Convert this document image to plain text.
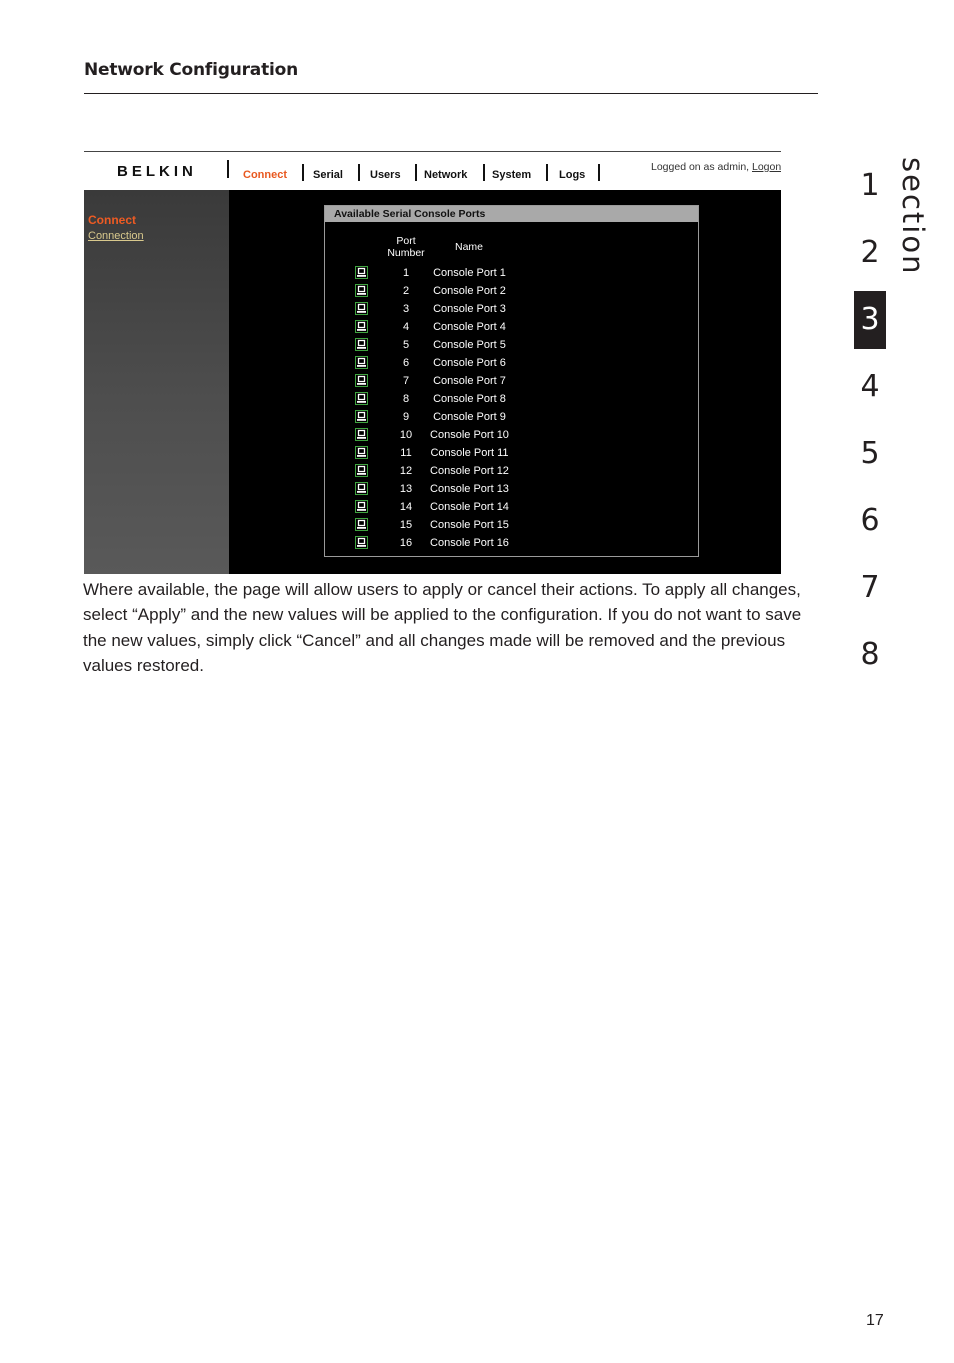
Network Configuration
BELKIN	Connect Serial Users Network System	Logs
Logged on as admin, Logon
Connect
Connection
Available Serial Console Ports
Port Number	Name
1	Console Port 1
2	Console Port 2
3	Console Port 3
4	Console Port 4
5	Console Port 5
6	Console Port 6
7	Console Port 7
8	Console Port 8
9	Console Port 9
10	Console Port 10
11	Console Port 11
12	Console Port 12
13	Console Port 13
14	Console Port 14
15	Console Port 15
16	Console Port 16
Where available, the page will allow users to apply or cancel their actions. To apply all changes, select “Apply” and the new values will be applied to the configuration. If you do not want to save the new values, simply click “Cancel” and all changes made will be removed and the previous values restored.
section
1
2
3
4
5
6
7
8
17
